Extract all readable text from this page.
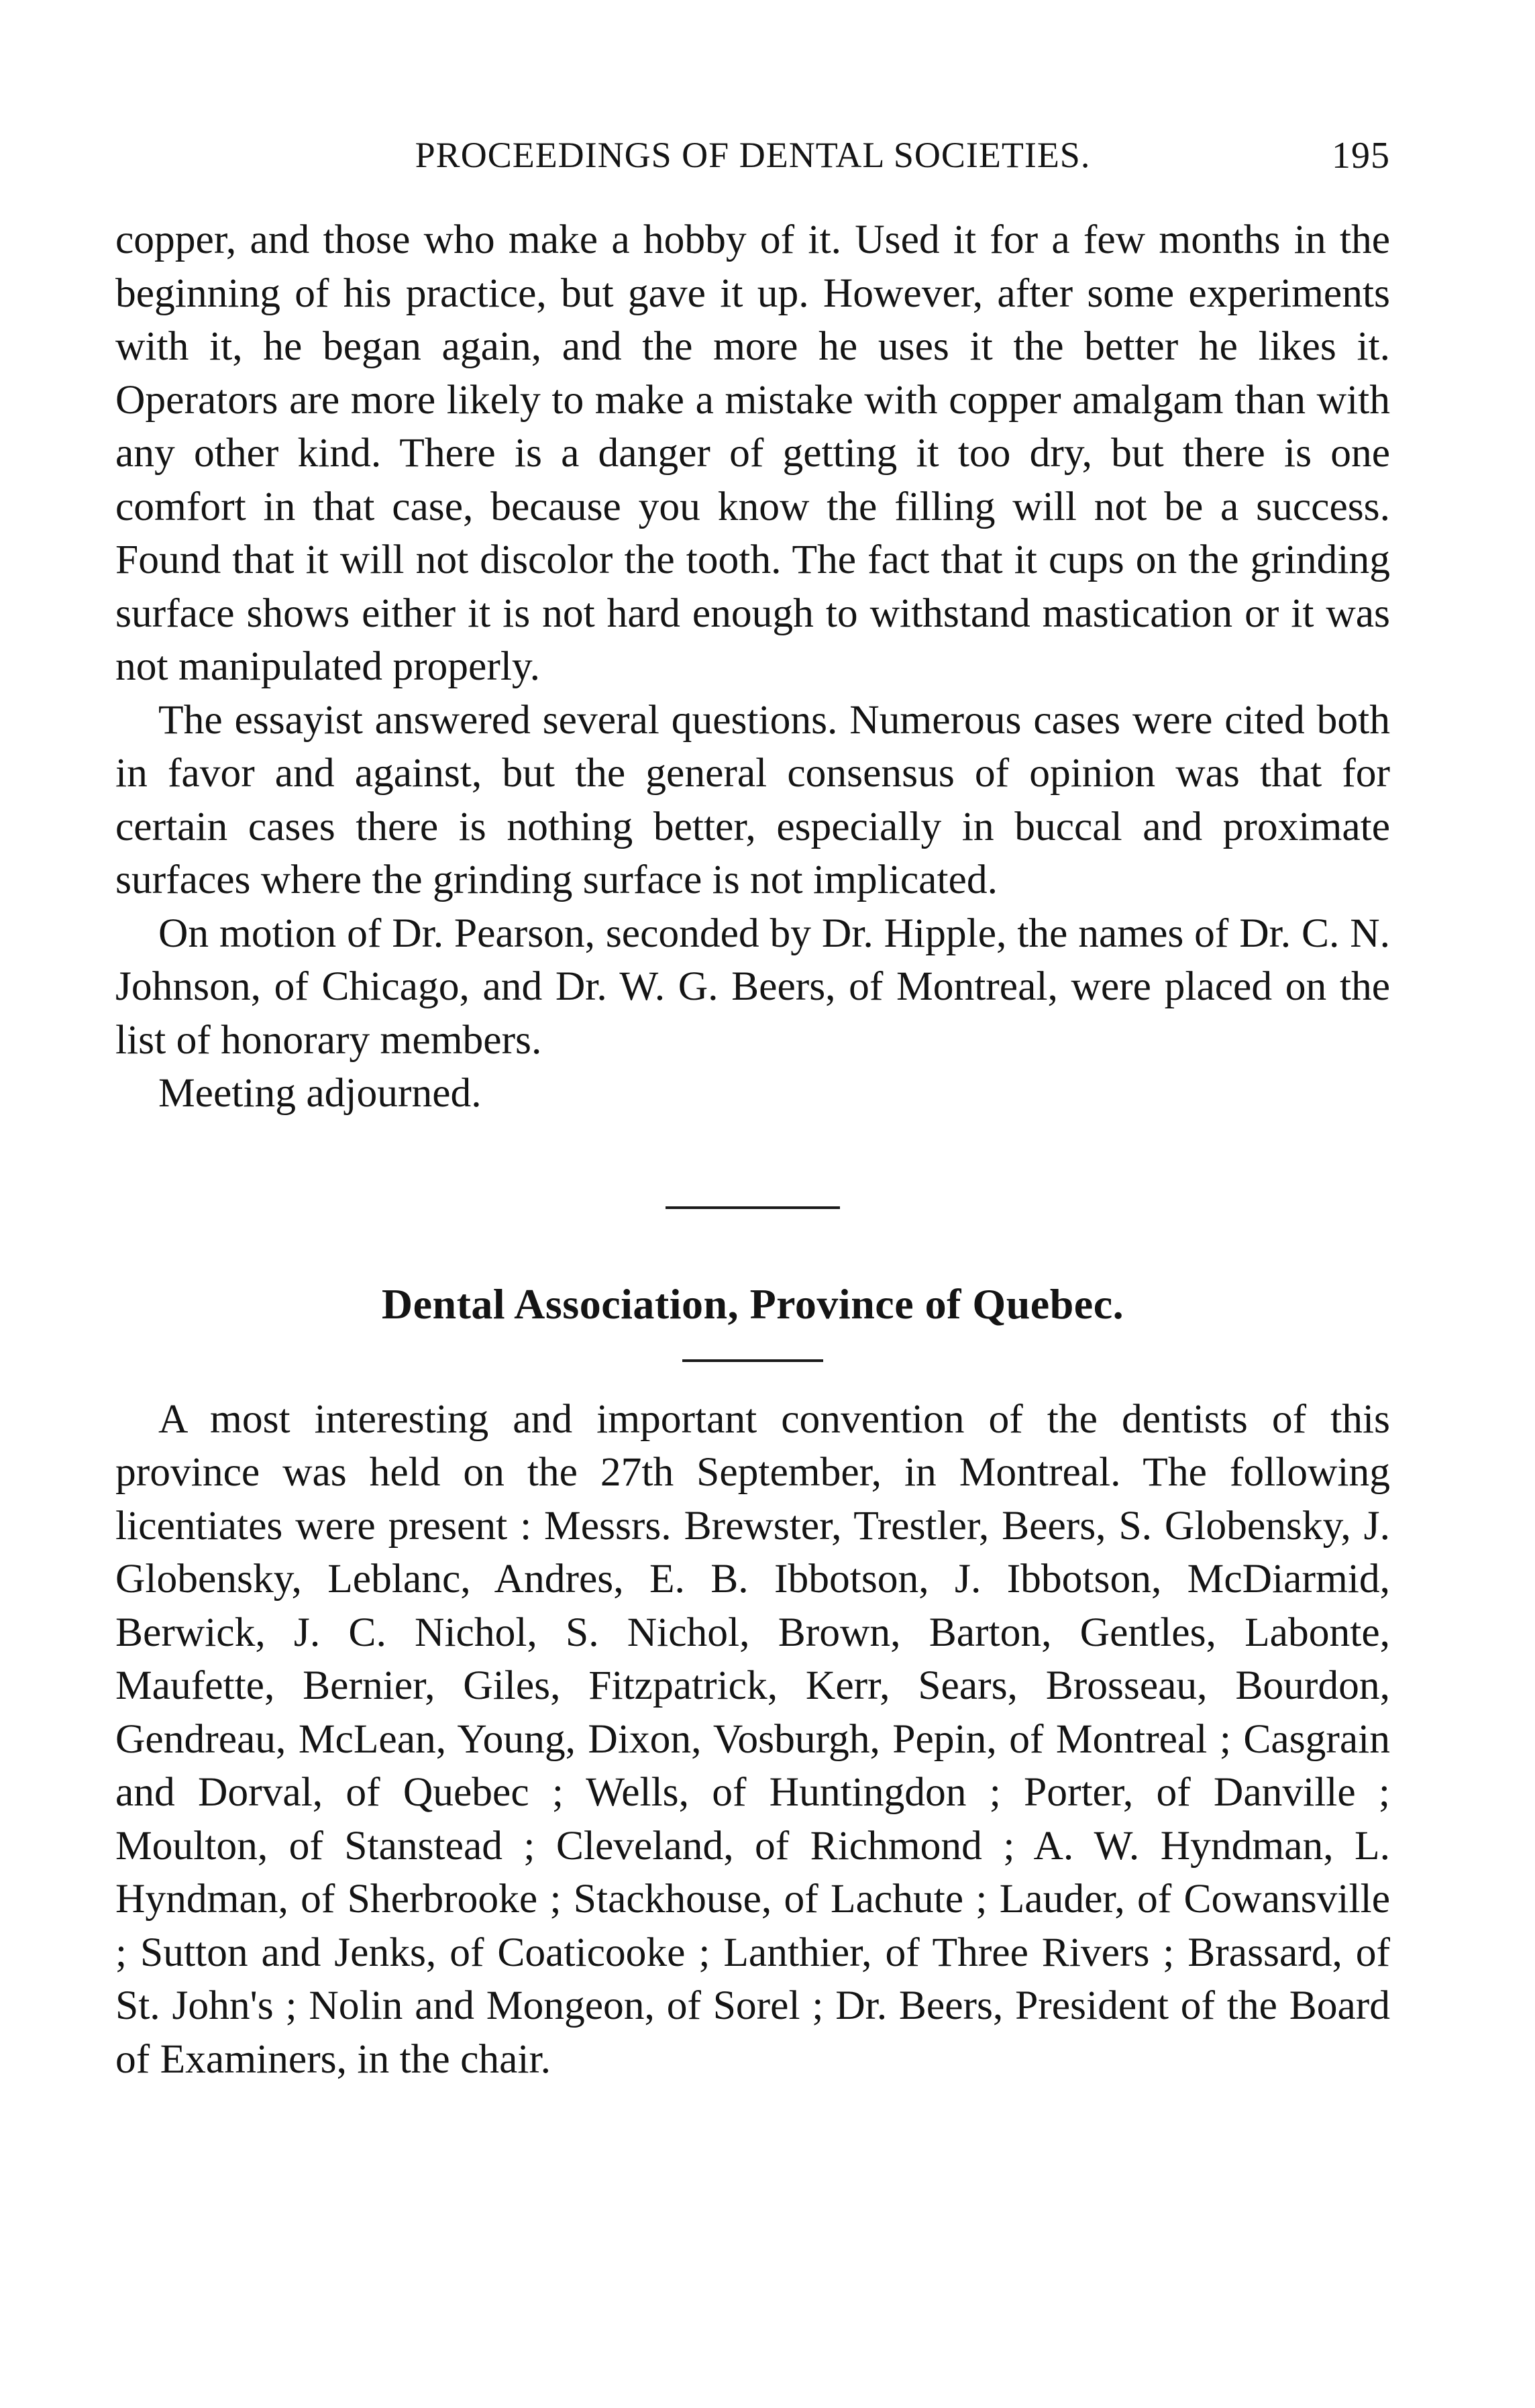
PROCEEDINGS OF DENTAL SOCIETIES.	195

copper, and those who make a hobby of it. Used it for a few months in the beginning of his practice, but gave it up. However, after some experiments with it, he began again, and the more he uses it the better he likes it. Operators are more likely to make a mistake with copper amalgam than with any other kind. There is a danger of getting it too dry, but there is one comfort in that case, because you know the filling will not be a success. Found that it will not discolor the tooth. The fact that it cups on the grinding surface shows either it is not hard enough to withstand mastication or it was not manipulated properly.

The essayist answered several questions. Numerous cases were cited both in favor and against, but the general consensus of opinion was that for certain cases there is nothing better, especially in buccal and proximate surfaces where the grinding surface is not implicated.

On motion of Dr. Pearson, seconded by Dr. Hipple, the names of Dr. C. N. Johnson, of Chicago, and Dr. W. G. Beers, of Montreal, were placed on the list of honorary members.

Meeting adjourned.

Dental Association, Province of Quebec.

A most interesting and important convention of the dentists of this province was held on the 27th September, in Montreal. The following licentiates were present : Messrs. Brewster, Trestler, Beers, S. Globensky, J. Globensky, Leblanc, Andres, E. B. Ibbotson, J. Ibbotson, McDiarmid, Berwick, J. C. Nichol, S. Nichol, Brown, Barton, Gentles, Labonte, Maufette, Bernier, Giles, Fitzpatrick, Kerr, Sears, Brosseau, Bourdon, Gendreau, McLean, Young, Dixon, Vosburgh, Pepin, of Montreal ; Casgrain and Dorval, of Quebec ; Wells, of Huntingdon ; Porter, of Danville ; Moulton, of Stanstead ; Cleveland, of Richmond ; A. W. Hyndman, L. Hyndman, of Sherbrooke ; Stackhouse, of Lachute ; Lauder, of Cowansville ; Sutton and Jenks, of Coaticooke ; Lanthier, of Three Rivers ; Brassard, of St. John's ; Nolin and Mongeon, of Sorel ; Dr. Beers, President of the Board of Examiners, in the chair.
